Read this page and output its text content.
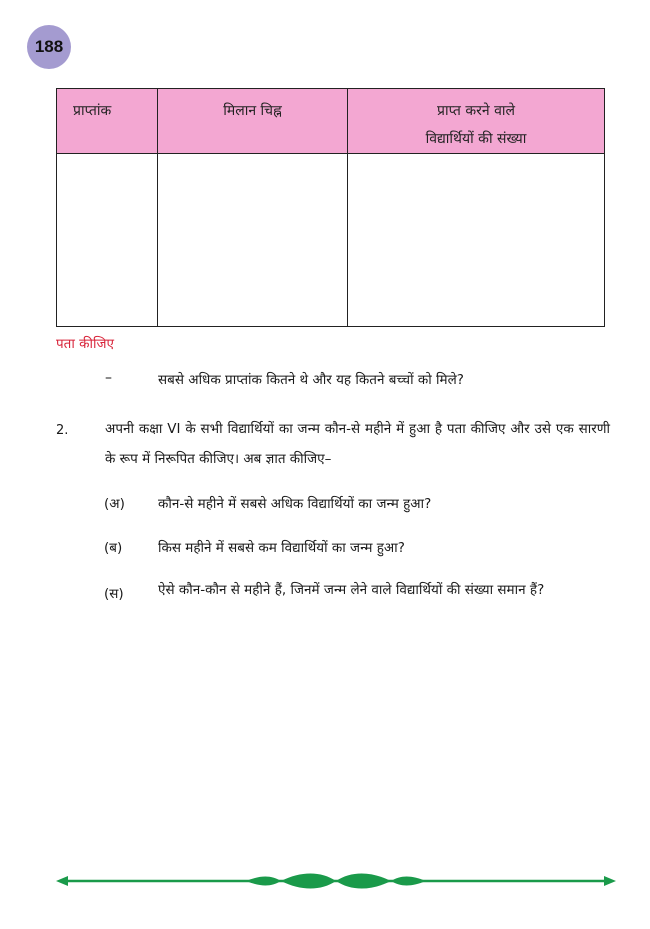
188
प्राप्तांक	मिलान चिह्न	प्राप्त करने वाले
विद्यार्थियों की संख्या

पता कीजिए
–	सबसे अधिक प्राप्तांक कितने थे और यह कितने बच्चों को मिले?
2.	अपनी कक्षा VI के सभी विद्यार्थियों का जन्म कौन-से महीने में हुआ है पता कीजिए और उसे एक सारणी के रूप में निरूपित कीजिए। अब ज्ञात कीजिए–
(अ) कौन-से महीने में सबसे अधिक विद्यार्थियों का जन्म हुआ?
(ब)	किस महीने में सबसे कम विद्यार्थियों का जन्म हुआ?
(स)	ऐसे कौन-कौन से महीने हैं, जिनमें जन्म लेने वाले विद्यार्थियों की संख्या समान हैं?
